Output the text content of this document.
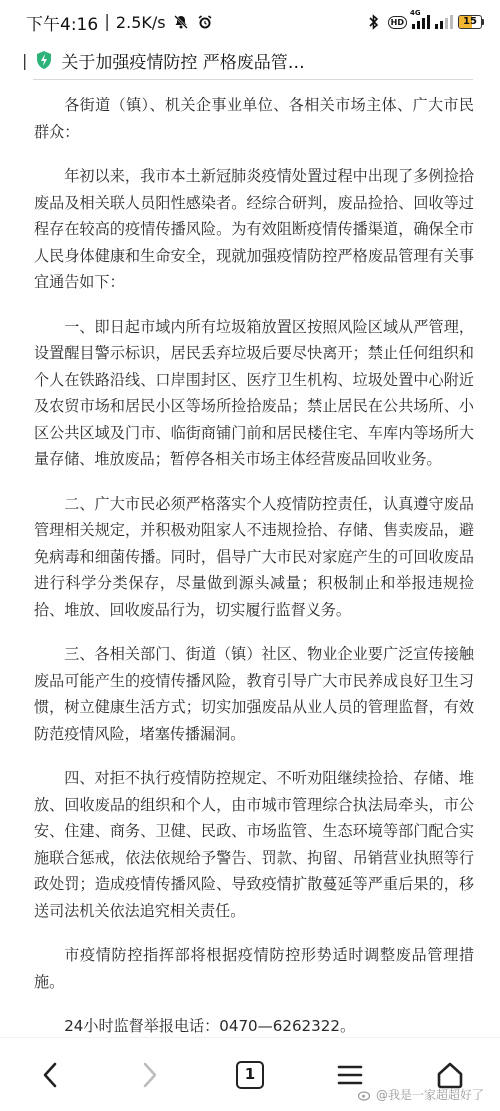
下午4:16 | 2.5K/s	HD
4G
15
| 关于加强疫情防控 严格废品管…

各街道（镇）、机关企事业单位、各相关市场主体、广大市民群众：

年初以来，我市本土新冠肺炎疫情处置过程中出现了多例捡拾废品及相关联人员阳性感染者。经综合研判，废品捡拾、回收等过程存在较高的疫情传播风险。为有效阻断疫情传播渠道，确保全市人民身体健康和生命安全，现就加强疫情防控严格废品管理有关事宜通告如下：

一、即日起市域内所有垃圾箱放置区按照风险区域从严管理，设置醒目警示标识，居民丢弃垃圾后要尽快离开；禁止任何组织和个人在铁路沿线、口岸围封区、医疗卫生机构、垃圾处置中心附近及农贸市场和居民小区等场所捡拾废品；禁止居民在公共场所、小区公共区域及门市、临街商铺门前和居民楼住宅、车库内等场所大量存储、堆放废品；暂停各相关市场主体经营废品回收业务。

二、广大市民必须严格落实个人疫情防控责任，认真遵守废品管理相关规定，并积极劝阻家人不违规捡拾、存储、售卖废品，避免病毒和细菌传播。同时，倡导广大市民对家庭产生的可回收废品进行科学分类保存，尽量做到源头减量；积极制止和举报违规捡拾、堆放、回收废品行为，切实履行监督义务。

三、各相关部门、街道（镇）社区、物业企业要广泛宣传接触废品可能产生的疫情传播风险，教育引导广大市民养成良好卫生习惯，树立健康生活方式；切实加强废品从业人员的管理监督，有效防范疫情风险，堵塞传播漏洞。

四、对拒不执行疫情防控规定、不听劝阻继续捡拾、存储、堆放、回收废品的组织和个人，由市城市管理综合执法局牵头，市公安、住建、商务、卫健、民政、市场监管、生态环境等部门配合实施联合惩戒，依法依规给予警告、罚款、拘留、吊销营业执照等行政处罚；造成疫情传播风险、导致疫情扩散蔓延等严重后果的，移送司法机关依法追究相关责任。

市疫情防控指挥部将根据疫情防控形势适时调整废品管理措施。

24小时监督举报电话：0470—6262322。

1
@我是一家超超好了
